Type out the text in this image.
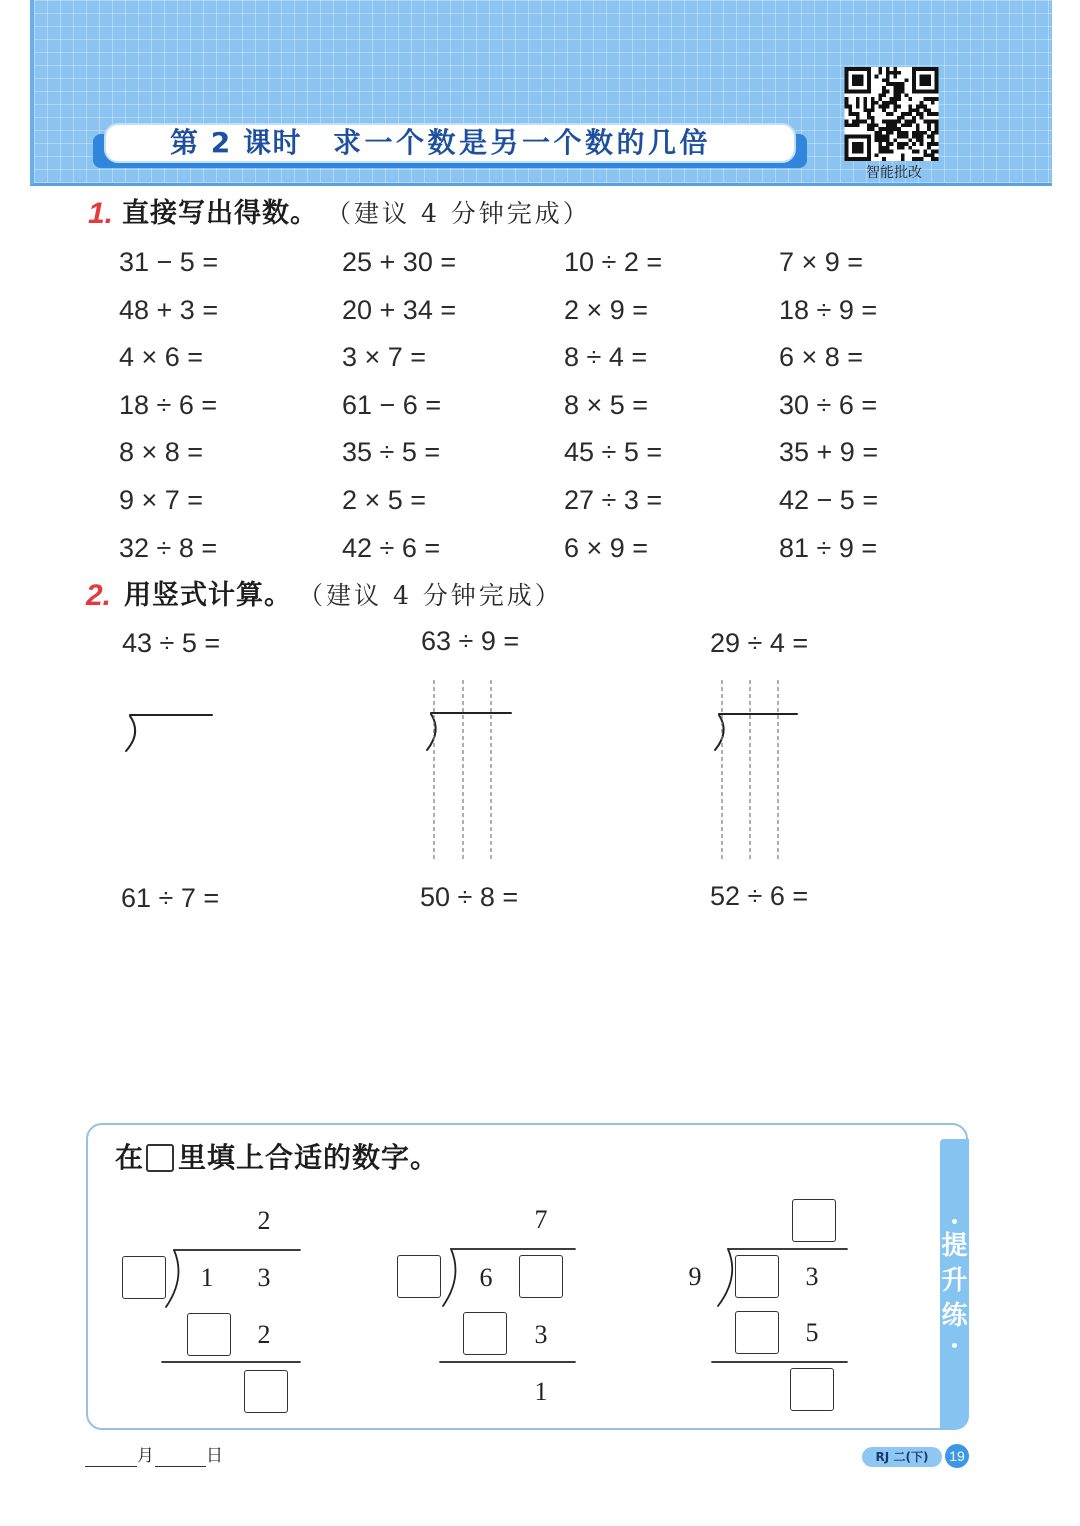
第 2 课时 求一个数是另一个数的几倍
智能批改
1. 直接写出得数。 （建议 4 分钟完成）
31 − 5 =	25 + 30 =	10 ÷ 2 =	7 × 9 =
48 + 3 =	20 + 34 =	2 × 9 =	18 ÷ 9 =
4 × 6 =	3 × 7 =	8 ÷ 4 =	6 × 8 =
18 ÷ 6 =	61 − 6 =	8 × 5 =	30 ÷ 6 =
8 × 8 =	35 ÷ 5 =	45 ÷ 5 =	35 + 9 =
9 × 7 =	2 × 5 =	27 ÷ 3 =	42 − 5 =
32 ÷ 8 =	42 ÷ 6 =	6 × 9 =	81 ÷ 9 =
2. 用竖式计算。 （建议 4 分钟完成）
43 ÷ 5 =	63 ÷ 9 =	29 ÷ 4 =
61 ÷ 7 =	50 ÷ 8 =	52 ÷ 6 =
提升练
在 里填上合适的数字。
2
1	3
2
7
6
3
1
9	3
5
月	日	RJ 二(下)	19
